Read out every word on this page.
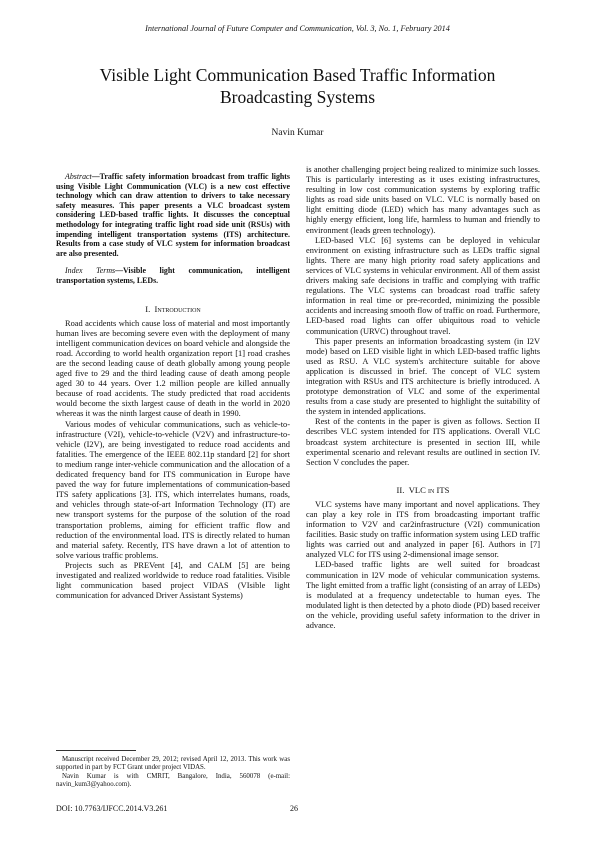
International Journal of Future Computer and Communication, Vol. 3, No. 1, February 2014
Visible Light Communication Based Traffic Information
Broadcasting Systems
Navin Kumar

Abstract—Traffic safety information broadcast from traffic lights using Visible Light Communication (VLC) is a new cost effective technology which can draw attention to drivers to take necessary safety measures. This paper presents a VLC broadcast system considering LED-based traffic lights. It discusses the conceptual methodology for integrating traffic light road side unit (RSUs) with impending intelligent transportation systems (ITS) architecture. Results from a case study of VLC system for information broadcast are also presented.

Index Terms—Visible light communication, intelligent transportation systems, LEDs.

I. Introduction

Road accidents which cause loss of material and most importantly human lives are becoming severe even with the deployment of many intelligent communication devices on board vehicle and alongside the road. According to world health organization report [1] road crashes are the second leading cause of death globally among young people aged five to 29 and the third leading cause of death among people aged 30 to 44 years. Over 1.2 million people are killed annually because of road accidents. The study predicted that road accidents would become the sixth largest cause of death in the world in 2020 whereas it was the ninth largest cause of death in 1990.

Various modes of vehicular communications, such as vehicle-to-infrastructure (V2I), vehicle-to-vehicle (V2V) and infrastructure-to-vehicle (I2V), are being investigated to reduce road accidents and fatalities. The emergence of the IEEE 802.11p standard [2] for short to medium range inter-vehicle communication and the allocation of a dedicated frequency band for ITS communication in Europe have paved the way for future implementations of communication-based ITS safety applications [3]. ITS, which interrelates humans, roads, and vehicles through state-of-art Information Technology (IT) are new transport systems for the purpose of the solution of the road transportation problems, aiming for efficient traffic flow and reduction of the environmental load. ITS is directly related to human and material safety. Recently, ITS have drawn a lot of attention to solve various traffic problems.

Projects such as PREVent [4], and CALM [5] are being investigated and realized worldwide to reduce road fatalities. Visible light communication based project VIDAS (VIsible light communication for advanced Driver Assistant Systems)

is another challenging project being realized to minimize such losses. This is particularly interesting as it uses existing infrastructures, resulting in low cost communication systems by exploring traffic lights as road side units based on VLC. VLC is normally based on light emitting diode (LED) which has many advantages such as highly energy efficient, long life, harmless to human and friendly to environment (leads green technology).

LED-based VLC [6] systems can be deployed in vehicular environment on existing infrastructure such as LEDs traffic signal lights. There are many high priority road safety applications and services of VLC systems in vehicular environment. All of them assist drivers making safe decisions in traffic and complying with traffic regulations. The VLC systems can broadcast road traffic safety information in real time or pre-recorded, minimizing the possible accidents and increasing smooth flow of traffic on road. Furthermore, LED-based road lights can offer ubiquitous road to vehicle communication (URVC) throughout travel.

This paper presents an information broadcasting system (in I2V mode) based on LED visible light in which LED-based traffic lights used as RSU. A VLC system's architecture suitable for above application is discussed in brief. The concept of VLC system integration with RSUs and ITS architecture is briefly introduced. A prototype demonstration of VLC and some of the experimental results from a case study are presented to highlight the suitability of the system in intended applications.

Rest of the contents in the paper is given as follows. Section II describes VLC system intended for ITS applications. Overall VLC broadcast system architecture is presented in section III, while experimental scenario and relevant results are outlined in section IV. Section V concludes the paper.

II. VLC in ITS

VLC systems have many important and novel applications. They can play a key role in ITS from broadcasting important traffic information to V2V and car2infrastructure (V2I) communication facilities. Basic study on traffic information system using LED traffic lights was carried out and analyzed in paper [6]. Authors in [7] analyzed VLC for ITS using 2-dimensional image sensor.

LED-based traffic lights are well suited for broadcast communication in I2V mode of vehicular communication systems. The light emitted from a traffic light (consisting of an array of LEDs) is modulated at a frequency undetectable to human eyes. The modulated light is then detected by a photo diode (PD) based receiver on the vehicle, providing useful safety information to the driver in advance.

Manuscript received December 29, 2012; revised April 12, 2013. This work was supported in part by FCT Grant under project VIDAS.

Navin Kumar is with CMRIT, Bangalore, India, 560078 (e-mail: navin_kum3@yahoo.com).

DOI: 10.7763/IJFCC.2014.V3.261	26
